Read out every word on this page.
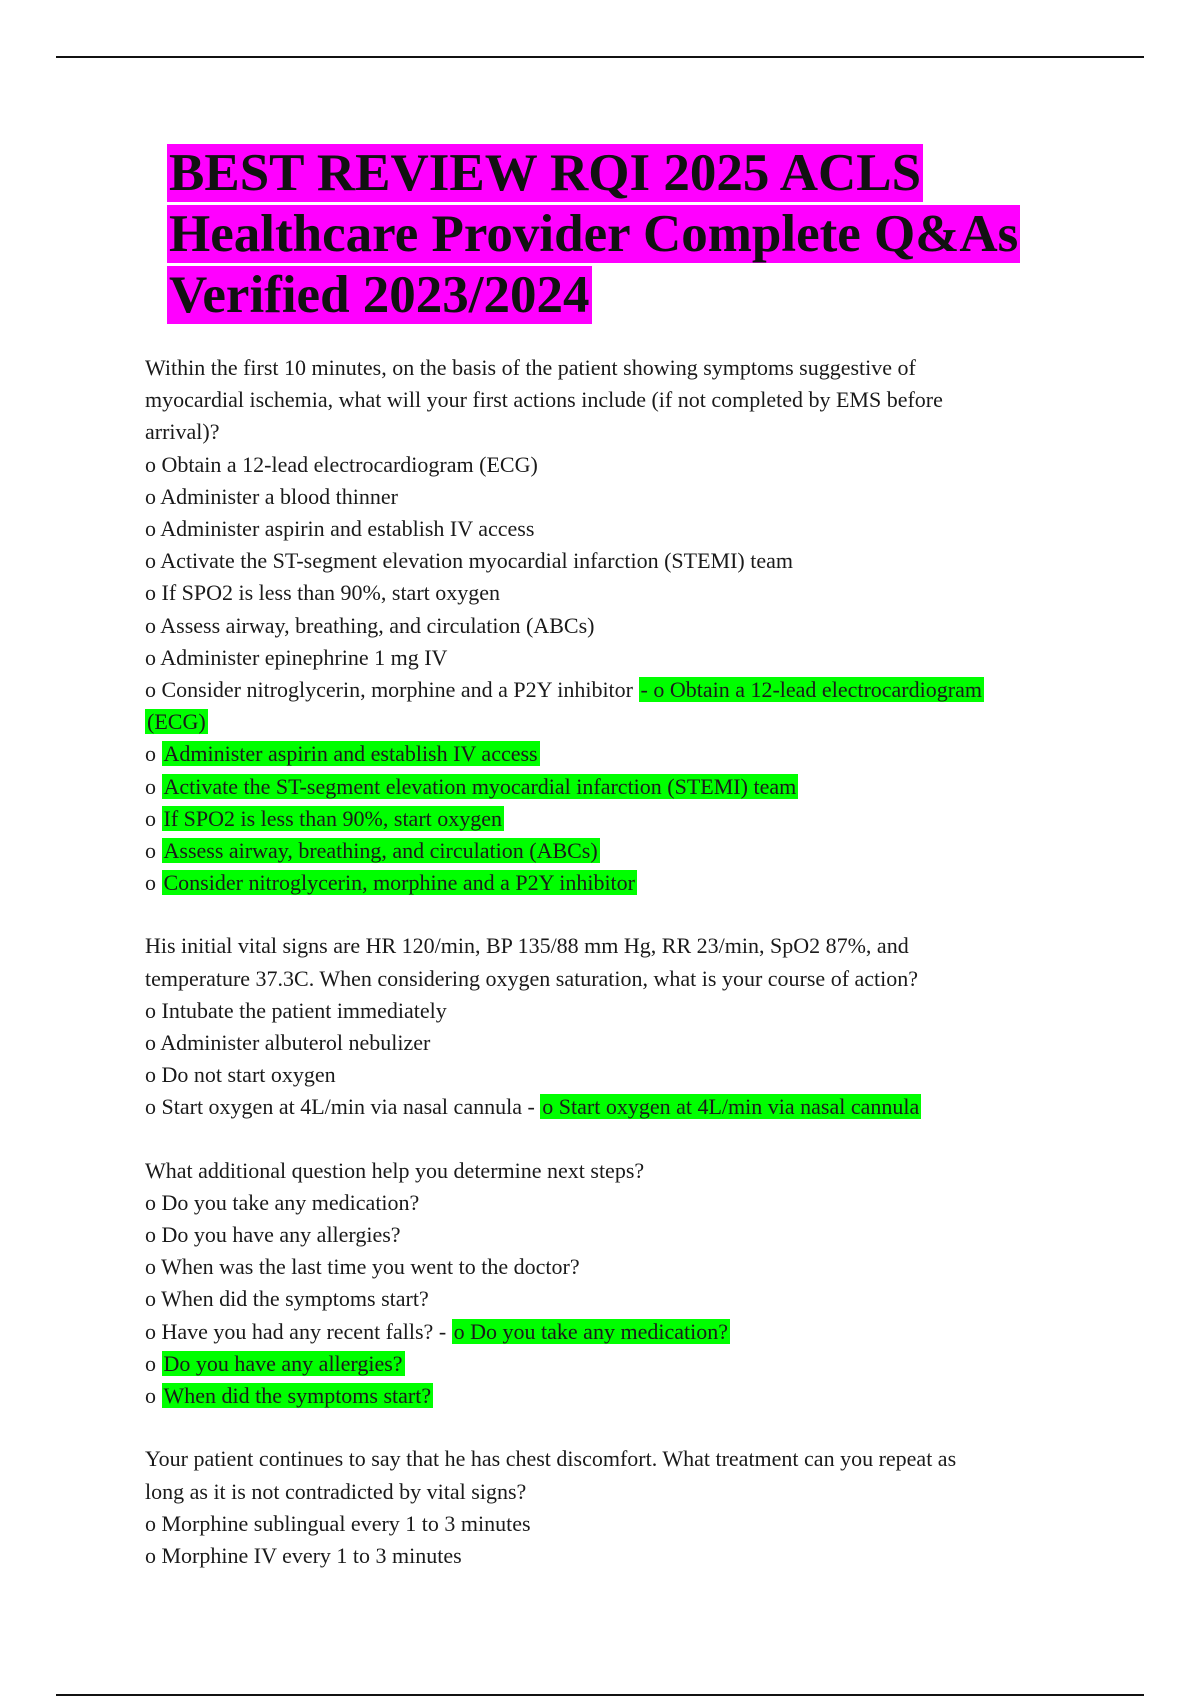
BEST REVIEW RQI 2025 ACLS
Healthcare Provider Complete Q&As
Verified 2023/2024
Within the first 10 minutes, on the basis of the patient showing symptoms suggestive of
myocardial ischemia, what will your first actions include (if not completed by EMS before
arrival)?
o Obtain a 12-lead electrocardiogram (ECG)
o Administer a blood thinner
o Administer aspirin and establish IV access
o Activate the ST-segment elevation myocardial infarction (STEMI) team
o If SPO2 is less than 90%, start oxygen
o Assess airway, breathing, and circulation (ABCs)
o Administer epinephrine 1 mg IV
o Consider nitroglycerin, morphine and a P2Y inhibitor - o Obtain a 12-lead electrocardiogram
(ECG)
o Administer aspirin and establish IV access
o Activate the ST-segment elevation myocardial infarction (STEMI) team
o If SPO2 is less than 90%, start oxygen
o Assess airway, breathing, and circulation (ABCs)
o Consider nitroglycerin, morphine and a P2Y inhibitor
His initial vital signs are HR 120/min, BP 135/88 mm Hg, RR 23/min, SpO2 87%, and
temperature 37.3C. When considering oxygen saturation, what is your course of action?
o Intubate the patient immediately
o Administer albuterol nebulizer
o Do not start oxygen
o Start oxygen at 4L/min via nasal cannula - o Start oxygen at 4L/min via nasal cannula
What additional question help you determine next steps?
o Do you take any medication?
o Do you have any allergies?
o When was the last time you went to the doctor?
o When did the symptoms start?
o Have you had any recent falls? - o Do you take any medication?
o Do you have any allergies?
o When did the symptoms start?
Your patient continues to say that he has chest discomfort. What treatment can you repeat as
long as it is not contradicted by vital signs?
o Morphine sublingual every 1 to 3 minutes
o Morphine IV every 1 to 3 minutes
